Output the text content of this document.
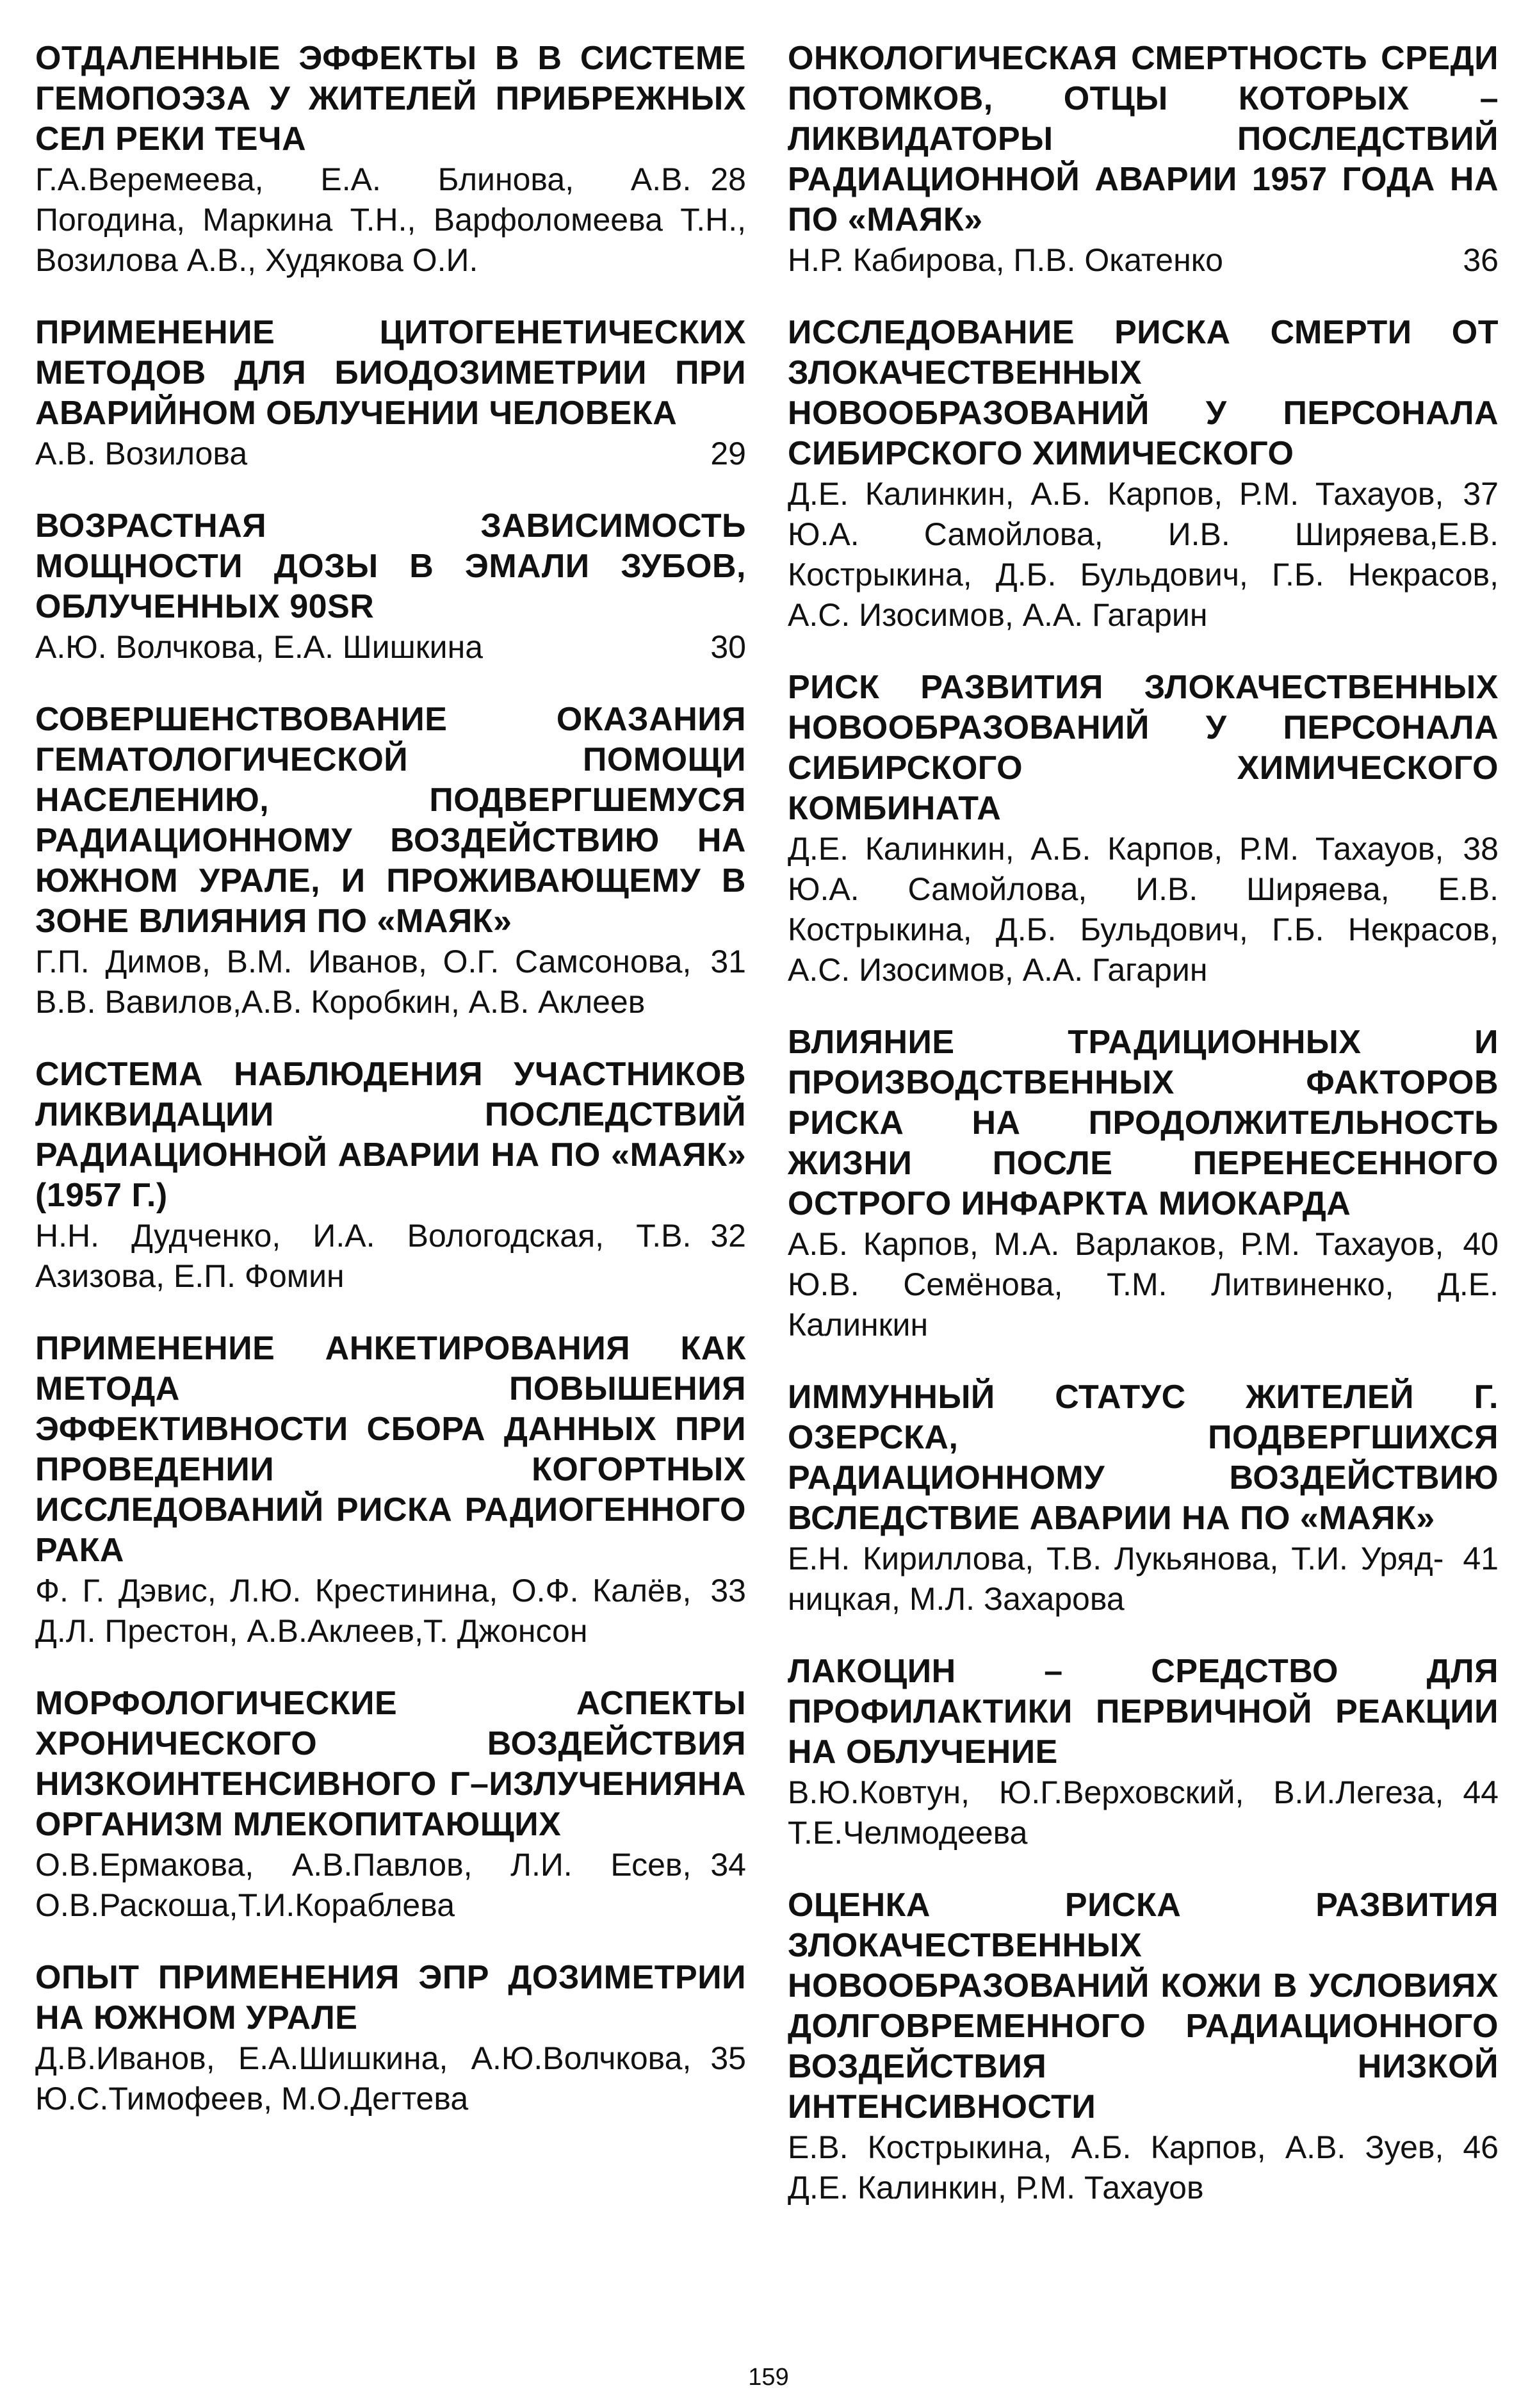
ОТДАЛЕННЫЕ ЭФФЕКТЫ В В СИСТЕМЕ ГЕМОПОЭЗА У ЖИТЕЛЕЙ ПРИБРЕЖНЫХ СЕЛ РЕКИ ТЕЧА
28
Г.А.Веремеева, Е.А. Блинова, А.В. Погодина, Маркина Т.Н., Варфоломеева Т.Н., Возилова А.В., Худякова О.И.
ПРИМЕНЕНИЕ ЦИТОГЕНЕТИЧЕСКИХ МЕТОДОВ ДЛЯ БИОДОЗИМЕТРИИ ПРИ АВАРИЙНОМ ОБЛУЧЕНИИ ЧЕЛОВЕКА
29
А.В. Возилова
ВОЗРАСТНАЯ ЗАВИСИМОСТЬ МОЩНОСТИ ДОЗЫ В ЭМАЛИ ЗУБОВ, ОБЛУЧЕННЫХ 90SR
30
А.Ю. Волчкова, Е.А. Шишкина
СОВЕРШЕНСТВОВАНИЕ ОКАЗАНИЯ ГЕМАТОЛОГИЧЕСКОЙ ПОМОЩИ НАСЕЛЕНИЮ, ПОДВЕРГШЕМУСЯ РАДИАЦИОННОМУ ВОЗДЕЙСТВИЮ НА ЮЖНОМ УРАЛЕ, И ПРОЖИВАЮЩЕМУ В ЗОНЕ ВЛИЯНИЯ ПО «МАЯК»
31
Г.П. Димов, В.М. Иванов, О.Г. Самсонова, В.В. Вавилов,А.В. Коробкин, А.В. Аклеев
СИСТЕМА НАБЛЮДЕНИЯ УЧАСТНИКОВ ЛИКВИДАЦИИ ПОСЛЕДСТВИЙ РАДИАЦИОННОЙ АВАРИИ НА ПО «МАЯК» (1957 Г.)
32
Н.Н. Дудченко, И.А. Вологодская, Т.В. Азизова, Е.П. Фомин
ПРИМЕНЕНИЕ АНКЕТИРОВАНИЯ КАК МЕТОДА ПОВЫШЕНИЯ ЭФФЕКТИВНОСТИ СБОРА ДАННЫХ ПРИ ПРОВЕДЕНИИ КОГОРТНЫХ ИССЛЕДОВАНИЙ РИСКА РАДИОГЕННОГО РАКА
33
Ф. Г. Дэвис, Л.Ю. Крестинина, О.Ф. Калёв, Д.Л. Престон, А.В.Аклеев,Т. Джонсон
МОРФОЛОГИЧЕСКИЕ АСПЕКТЫ ХРОНИЧЕСКОГО ВОЗДЕЙСТВИЯ НИЗКОИНТЕНСИВНОГО Γ–ИЗЛУЧЕНИЯНА ОРГАНИЗМ МЛЕКОПИТАЮЩИХ
34
О.В.Ермакова, А.В.Павлов, Л.И. Есев, О.В.Раскоша,Т.И.Кораблева
ОПЫТ ПРИМЕНЕНИЯ ЭПР ДОЗИМЕТРИИ НА ЮЖНОМ УРАЛЕ
35
Д.В.Иванов, Е.А.Шишкина, А.Ю.Волчкова, Ю.С.Тимофеев, М.О.Дегтева
ОНКОЛОГИЧЕСКАЯ СМЕРТНОСТЬ СРЕДИ ПОТОМКОВ, ОТЦЫ КОТОРЫХ – ЛИКВИДАТОРЫ ПОСЛЕДСТВИЙ РАДИАЦИОННОЙ АВАРИИ 1957 ГОДА НА ПО «МАЯК»
36
Н.Р. Кабирова, П.В. Окатенко
ИССЛЕДОВАНИЕ РИСКА СМЕРТИ ОТ ЗЛОКАЧЕСТВЕННЫХ НОВООБРАЗОВАНИЙ У ПЕРСОНАЛА СИБИРСКОГО ХИМИЧЕСКОГО
37
Д.Е. Калинкин, А.Б. Карпов, Р.М. Тахауов, Ю.А. Самойлова, И.В. Ширяева,Е.В. Кострыкина, Д.Б. Бульдович, Г.Б. Некрасов, А.С. Изосимов, А.А. Гагарин
РИСК РАЗВИТИЯ ЗЛОКАЧЕСТВЕННЫХ НОВООБРАЗОВАНИЙ У ПЕРСОНАЛА СИБИРСКОГО ХИМИЧЕСКОГО КОМБИНАТА
38
Д.Е. Калинкин, А.Б. Карпов, Р.М. Тахауов, Ю.А. Самойлова, И.В. Ширяева, Е.В. Кострыкина, Д.Б. Бульдович, Г.Б. Некрасов, А.С. Изосимов, А.А. Гагарин
ВЛИЯНИЕ ТРАДИЦИОННЫХ И ПРОИЗВОДСТВЕННЫХ ФАКТОРОВ РИСКА НА ПРОДОЛЖИТЕЛЬНОСТЬ ЖИЗНИ ПОСЛЕ ПЕРЕНЕСЕННОГО ОСТРОГО ИНФАРКТА МИОКАРДА
40
А.Б. Карпов, М.А. Варлаков, Р.М. Тахауов, Ю.В. Семёнова, Т.М. Литвиненко, Д.Е. Калинкин
ИММУННЫЙ СТАТУС ЖИТЕЛЕЙ Г. ОЗЕРСКА, ПОДВЕРГШИХСЯ РАДИАЦИОННОМУ ВОЗДЕЙСТВИЮ ВСЛЕДСТВИЕ АВАРИИ НА ПО «МАЯК»
41
Е.Н. Кириллова, Т.В. Лукьянова, Т.И. Урядницкая, М.Л. Захарова
ЛАКОЦИН – СРЕДСТВО ДЛЯ ПРОФИЛАКТИКИ ПЕРВИЧНОЙ РЕАКЦИИ НА ОБЛУЧЕНИЕ
44
В.Ю.Ковтун, Ю.Г.Верховский, В.И.Легеза, Т.Е.Челмодеева
ОЦЕНКА РИСКА РАЗВИТИЯ ЗЛОКАЧЕСТВЕННЫХ НОВООБРАЗОВАНИЙ КОЖИ В УСЛОВИЯХ ДОЛГОВРЕМЕННОГО РАДИАЦИОННОГО ВОЗДЕЙСТВИЯ НИЗКОЙ ИНТЕНСИВНОСТИ
46
Е.В. Кострыкина, А.Б. Карпов, А.В. Зуев, Д.Е. Калинкин, Р.М. Тахауов
159
